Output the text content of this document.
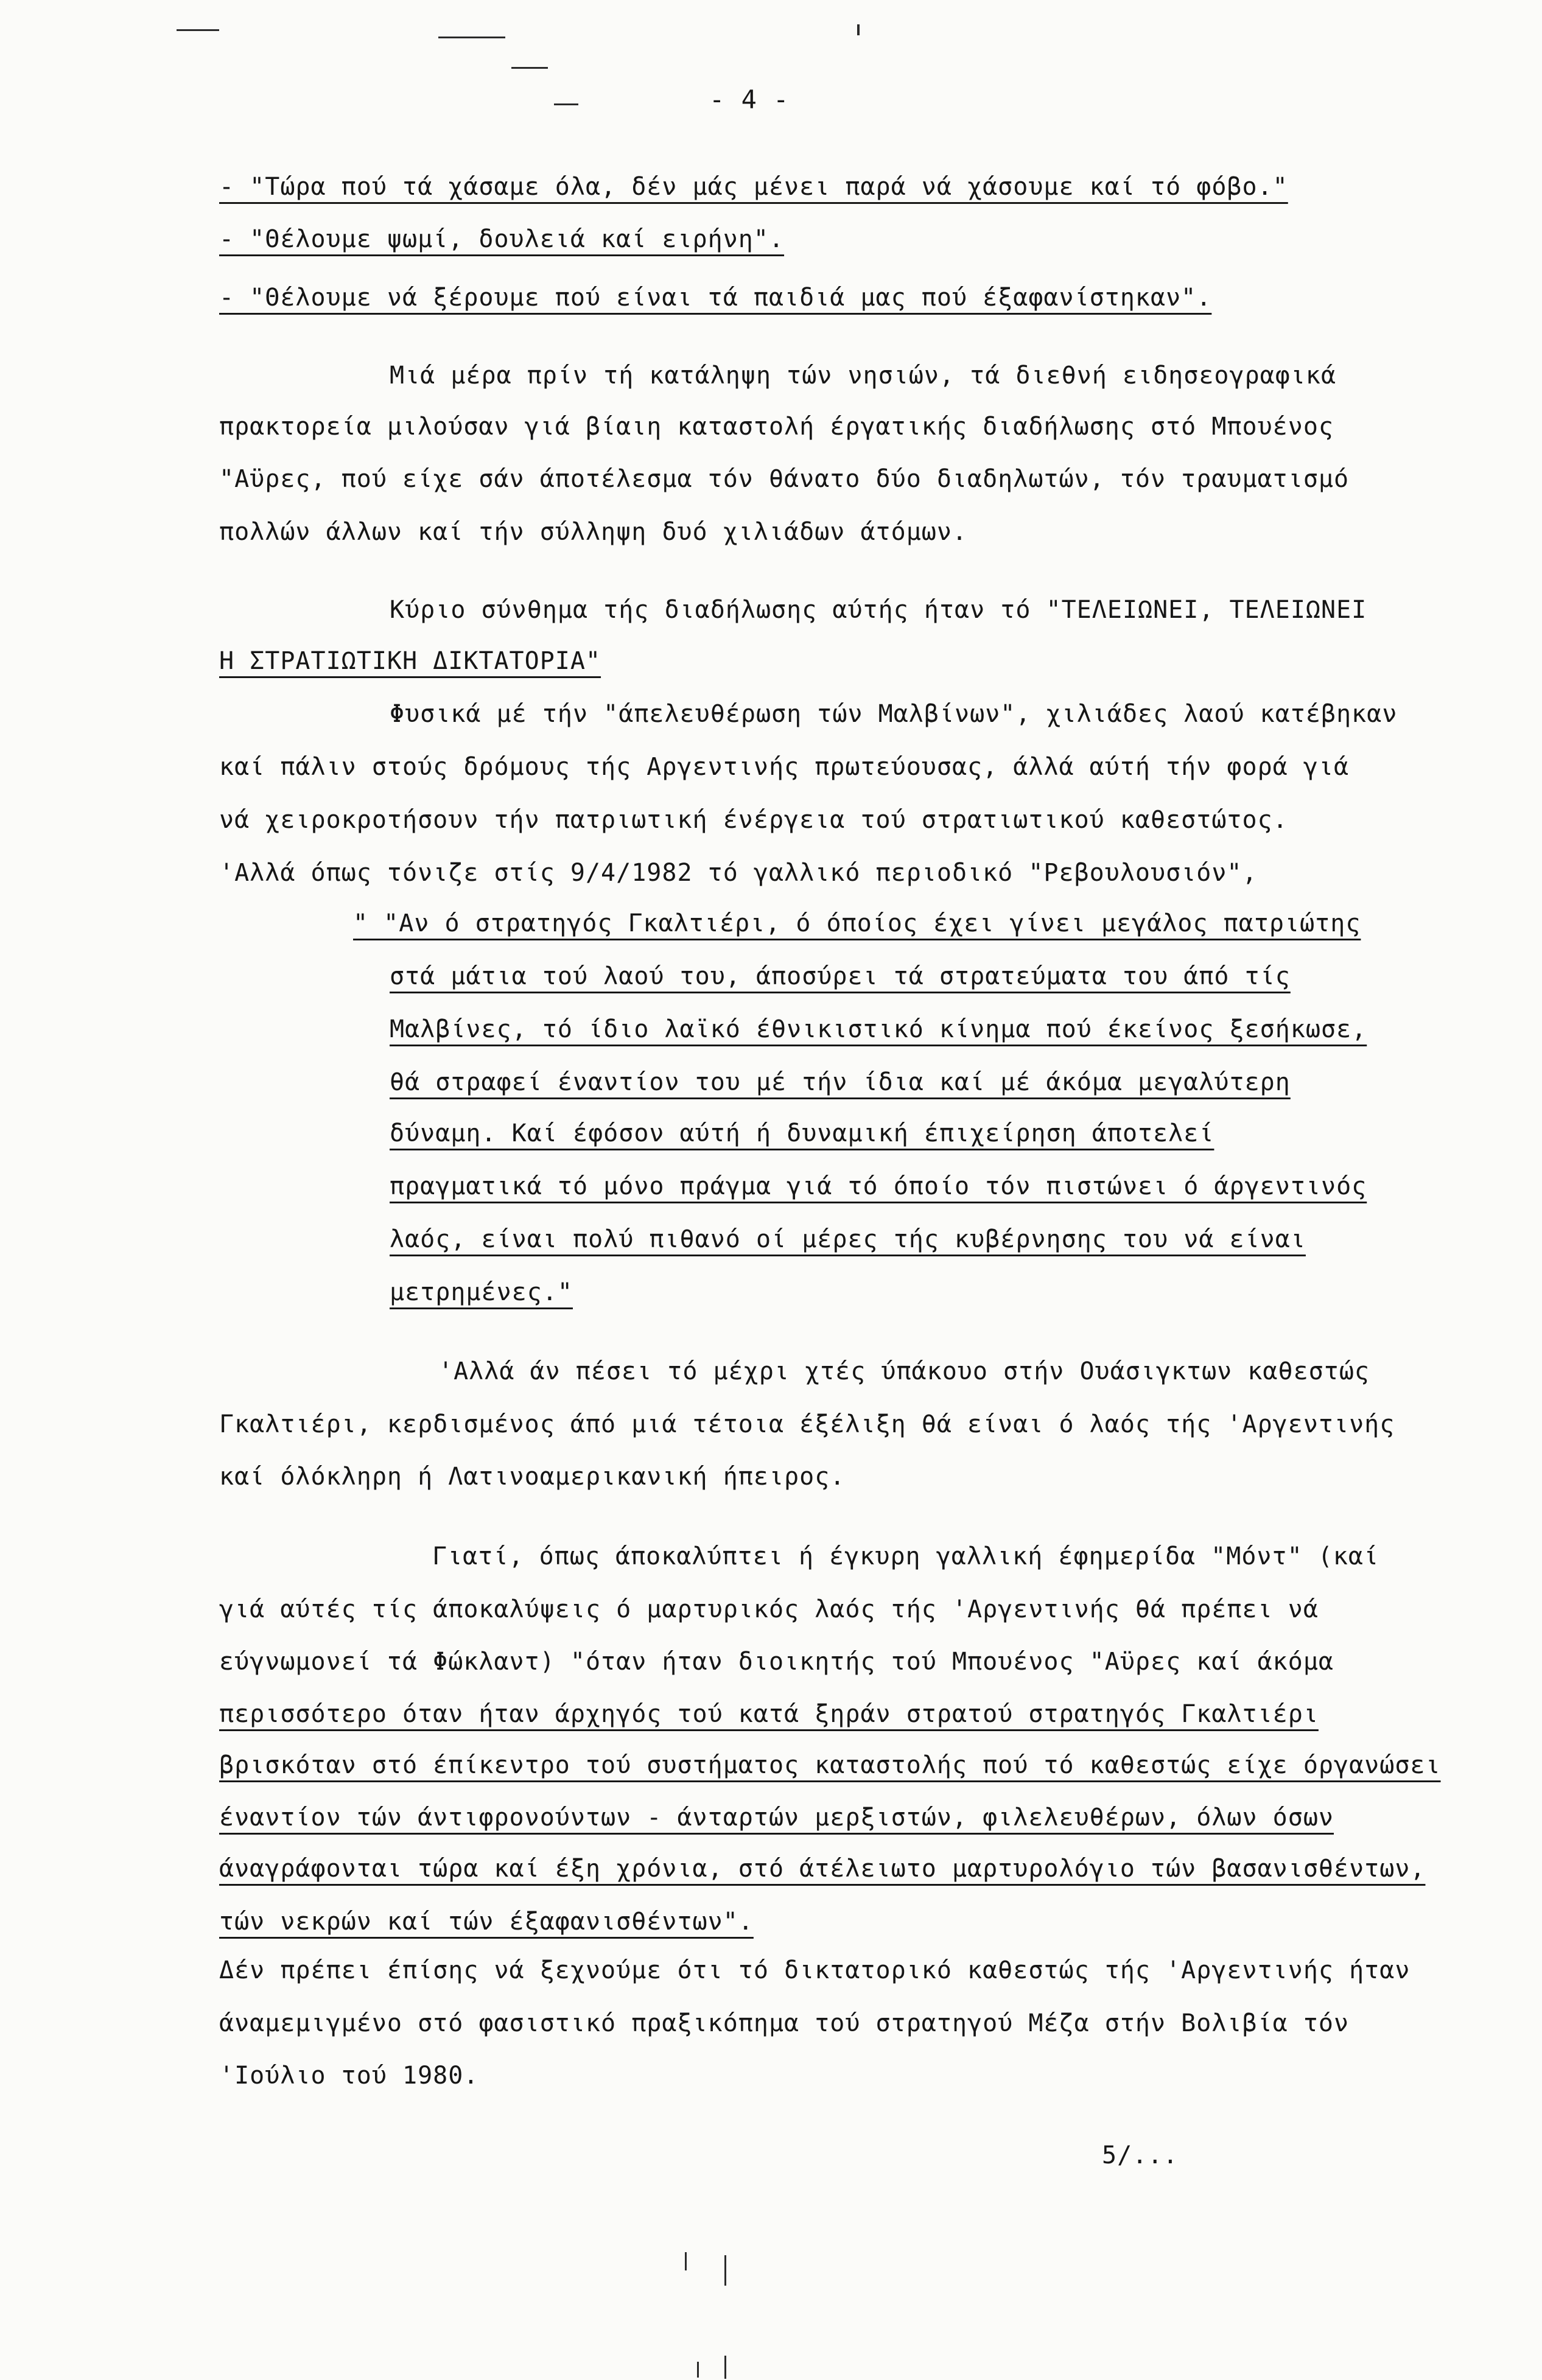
- 4 -
- "Τώρα πού τά χάσαμε όλα, δέν μάς μένει παρά νά χάσουμε καί τό φόβο."
- "Θέλουμε ψωμί, δουλειά καί ειρήνη".
- "Θέλουμε νά ξέρουμε πού είναι τά παιδιά μας πού έξαφανίστηκαν".
Μιά μέρα πρίν τή κατάληψη τών νησιών, τά διεθνή ειδησεογραφικά
πρακτορεία μιλούσαν γιά βίαιη καταστολή έργατικής διαδήλωσης στό Μπουένος
"Αϋρες, πού είχε σάν άποτέλεσμα τόν θάνατο δύο διαδηλωτών, τόν τραυματισμό
πολλών άλλων καί τήν σύλληψη δυό χιλιάδων άτόμων.
Κύριο σύνθημα τής διαδήλωσης αύτής ήταν τό "ΤΕΛΕΙΩΝΕΙ, ΤΕΛΕΙΩΝΕΙ
Η ΣΤΡΑΤΙΩΤΙΚΗ ΔΙΚΤΑΤΟΡΙΑ"
Φυσικά μέ τήν "άπελευθέρωση τών Μαλβίνων", χιλιάδες λαού κατέβηκαν
καί πάλιν στούς δρόμους τής Αργεντινής πρωτεύουσας, άλλά αύτή τήν φορά γιά
νά χειροκροτήσουν τήν πατριωτική ένέργεια τού στρατιωτικού καθεστώτος.
'Αλλά όπως τόνιζε στίς 9/4/1982 τό γαλλικό περιοδικό "Ρεβουλουσιόν",
" "Αν ό στρατηγός Γκαλτιέρι, ό όποίος έχει γίνει μεγάλος πατριώτης
στά μάτια τού λαού του, άποσύρει τά στρατεύματα του άπό τίς
Μαλβίνες, τό ίδιο λαϊκό έθνικιστικό κίνημα πού έκείνος ξεσήκωσε,
θά στραφεί έναντίον του μέ τήν ίδια καί μέ άκόμα μεγαλύτερη
δύναμη. Καί έφόσον αύτή ή δυναμική έπιχείρηση άποτελεί
πραγματικά τό μόνο πράγμα γιά τό όποίο τόν πιστώνει ό άργεντινός
λαός, είναι πολύ πιθανό οί μέρες τής κυβέρνησης του νά είναι
μετρημένες."
'Αλλά άν πέσει τό μέχρι χτές ύπάκουο στήν Ουάσιγκτων καθεστώς
Γκαλτιέρι, κερδισμένος άπό μιά τέτοια έξέλιξη θά είναι ό λαός τής 'Αργεντινής
καί όλόκληρη ή Λατινοαμερικανική ήπειρος.
Γιατί, όπως άποκαλύπτει ή έγκυρη γαλλική έφημερίδα "Μόντ" (καί
γιά αύτές τίς άποκαλύψεις ό μαρτυρικός λαός τής 'Αργεντινής θά πρέπει νά
εύγνωμονεί τά Φώκλαντ) "όταν ήταν διοικητής τού Μπουένος "Αϋρες καί άκόμα
περισσότερο όταν ήταν άρχηγός τού κατά ξηράν στρατού στρατηγός Γκαλτιέρι
βρισκόταν στό έπίκεντρο τού συστήματος καταστολής πού τό καθεστώς είχε όργανώσει
έναντίον τών άντιφρονούντων - άνταρτών μερξιστών, φιλελευθέρων, όλων όσων
άναγράφονται τώρα καί έξη χρόνια, στό άτέλειωτο μαρτυρολόγιο τών βασανισθέντων,
τών νεκρών καί τών έξαφανισθέντων".
Δέν πρέπει έπίσης νά ξεχνούμε ότι τό δικτατορικό καθεστώς τής 'Αργεντινής ήταν
άναμεμιγμένο στό φασιστικό πραξικόπημα τού στρατηγού Μέζα στήν Βολιβία τόν
'Ιούλιο τού 1980.
5/...
